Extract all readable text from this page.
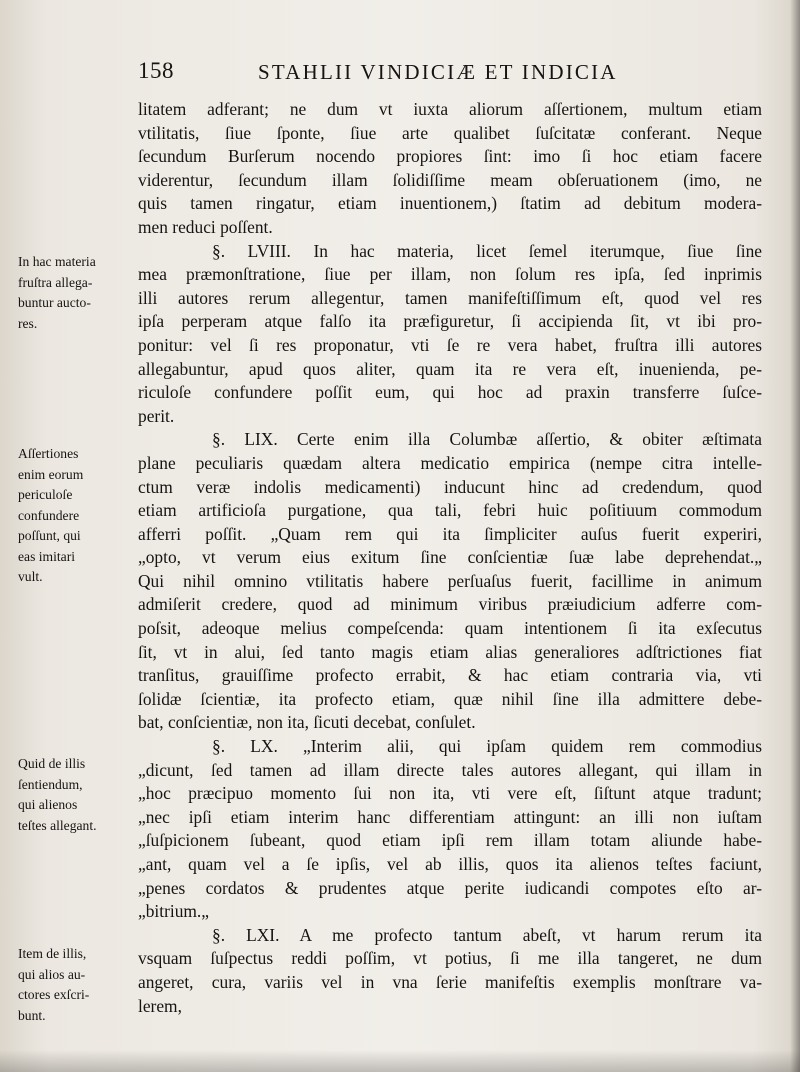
158	STAHLII VINDICIÆ ET INDICIA
litatem adferant; ne dum vt iuxta aliorum aſſertionem, multum etiam
vtilitatis, ſiue ſponte, ſiue arte qualibet ſuſcitatæ conferant. Neque
ſecundum Burſerum nocendo propiores ſint: imo ſi hoc etiam facere
viderentur, ſecundum illam ſolidiſſime meam obſeruationem (imo, ne
quis tamen ringatur, etiam inuentionem,) ſtatim ad debitum modera-
men reduci poſſent.
§. LVIII. In hac materia, licet ſemel iterumque, ſiue ſine
mea præmonſtratione, ſiue per illam, non ſolum res ipſa, ſed inprimis
illi autores rerum allegentur, tamen manifeſtiſſimum eſt, quod vel res
ipſa perperam atque falſo ita præfiguretur, ſi accipienda ſit, vt ibi pro-
ponitur: vel ſi res proponatur, vti ſe re vera habet, fruſtra illi autores
allegabuntur, apud quos aliter, quam ita re vera eſt, inuenienda, pe-
riculoſe confundere poſſit eum, qui hoc ad praxin transferre ſuſce-
perit.
§. LIX. Certe enim illa Columbæ aſſertio, & obiter æſtimata
plane peculiaris quædam altera medicatio empirica (nempe citra intelle-
ctum veræ indolis medicamenti) inducunt hinc ad credendum, quod
etiam artificioſa purgatione, qua tali, febri huic poſitiuum commodum
afferri poſſit. „Quam rem qui ita ſimpliciter auſus fuerit experiri,
„opto, vt verum eius exitum ſine conſcientiæ ſuæ labe deprehendat.„
Qui nihil omnino vtilitatis habere perſuaſus fuerit, facillime in animum
admiſerit credere, quod ad minimum viribus præiudicium adferre com-
poſsit, adeoque melius compeſcenda: quam intentionem ſi ita exſecutus
ſit, vt in alui, ſed tanto magis etiam alias generaliores adſtrictiones fiat
tranſitus, grauiſſime profecto errabit, & hac etiam contraria via, vti
ſolidæ ſcientiæ, ita profecto etiam, quæ nihil ſine illa admittere debe-
bat, conſcientiæ, non ita, ſicuti decebat, conſulet.
§. LX. „Interim alii, qui ipſam quidem rem commodius
„dicunt, ſed tamen ad illam directe tales autores allegant, qui illam in
„hoc præcipuo momento ſui non ita, vti vere eſt, ſiſtunt atque tradunt;
„nec ipſi etiam interim hanc differentiam attingunt: an illi non iuſtam
„ſuſpicionem ſubeant, quod etiam ipſi rem illam totam aliunde habe-
„ant, quam vel a ſe ipſis, vel ab illis, quos ita alienos teſtes faciunt,
„penes cordatos & prudentes atque perite iudicandi compotes eſto ar-
„bitrium.„
§. LXI. A me profecto tantum abeſt, vt harum rerum ita
vsquam ſuſpectus reddi poſſim, vt potius, ſi me illa tangeret, ne dum
angeret, cura, variis vel in vna ſerie manifeſtis exemplis monſtrare va-
lerem,
In hac materia
fruſtra allega-
buntur aucto-
res.
Aſſertiones
enim eorum
periculoſe
confundere
poſſunt, qui
eas imitari
vult.
Quid de illis
ſentiendum,
qui alienos
teſtes allegant.
Item de illis,
qui alios au-
ctores exſcri-
bunt.
